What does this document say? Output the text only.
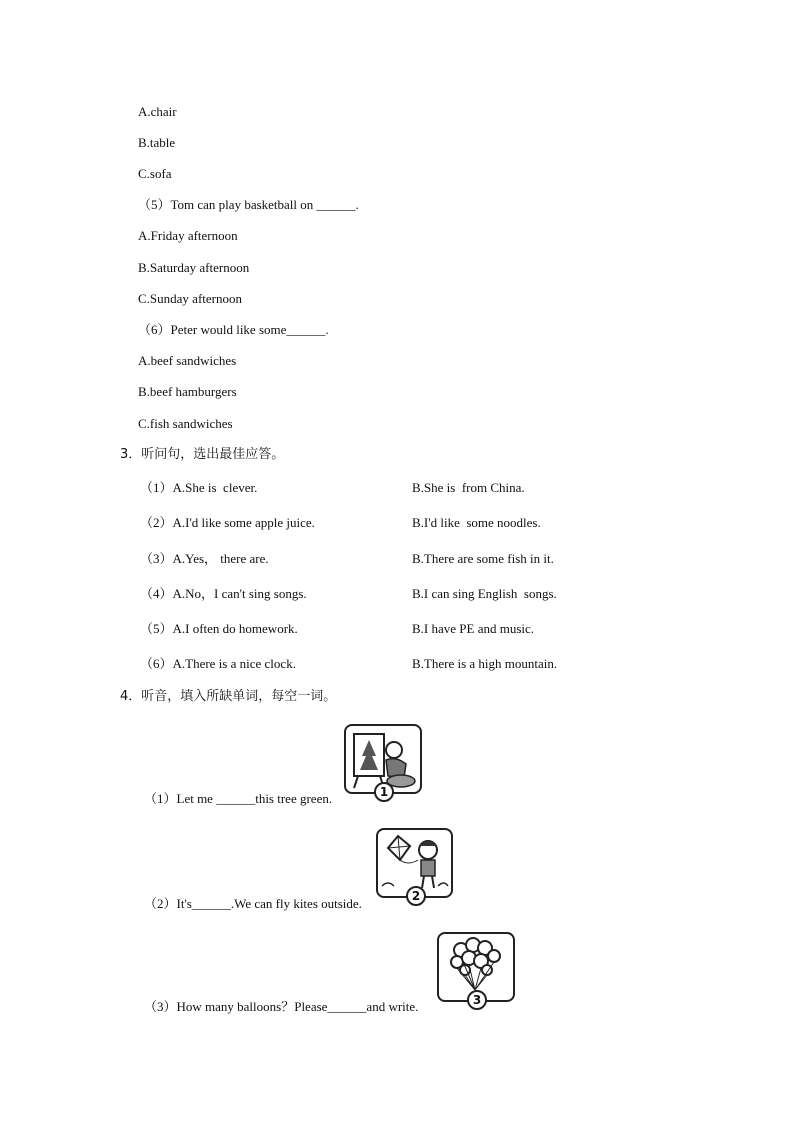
A.chair
B.table
C.sofa
（5）Tom can play basketball on ______.
A.Friday afternoon
B.Saturday afternoon
C.Sunday afternoon
（6）Peter would like some______.
A.beef sandwiches
B.beef hamburgers
C.fish sandwiches
3．听问句，选出最佳应答。
（1）A.She is  clever.	B.She is  from China.
（2）A.I'd like some apple juice.	B.I'd like  some noodles.
（3）A.Yes， there are.	B.There are some fish in it.
（4）A.No，I can't sing songs.	B.I can sing English  songs.
（5）A.I often do homework.	B.I have PE and music.
（6）A.There is a nice clock.	B.There is a high mountain.
4．听音，填入所缺单词，每空一词。
（1）Let me ______this tree green.	1
（2）It's______.We can fly kites outside.	2
（3）How many balloons？Please______and write.	3
